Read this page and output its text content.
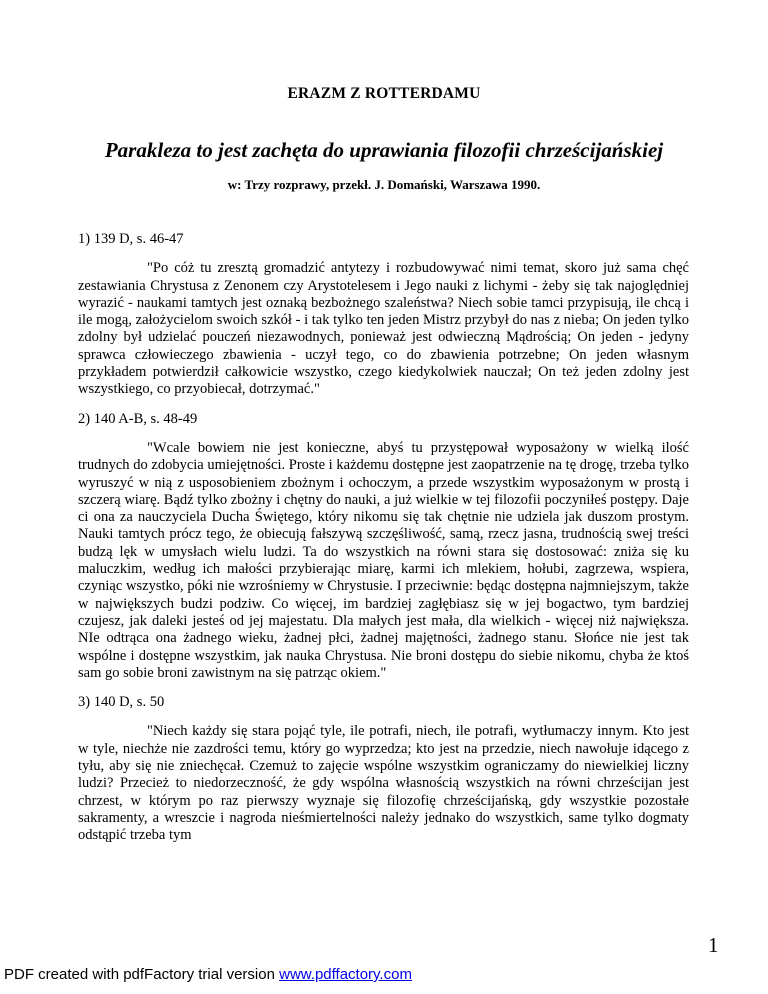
ERAZM Z ROTTERDAMU
Parakleza to jest zachęta do uprawiania filozofii chrześcijańskiej
w: Trzy rozprawy, przekł. J. Domański, Warszawa 1990.

1) 139 D, s. 46-47

"Po cóż tu zresztą gromadzić antytezy i rozbudowywać nimi temat, skoro już sama chęć zestawiania Chrystusa z Zenonem czy Arystotelesem i Jego nauki z lichymi - żeby się tak najoględniej wyrazić - naukami tamtych jest oznaką bezbożnego szaleństwa? Niech sobie tamci przypisują, ile chcą i ile mogą, założycielom swoich szkół - i tak tylko ten jeden Mistrz przybył do nas z nieba; On jeden tylko zdolny był udzielać pouczeń niezawodnych, ponieważ jest odwieczną Mądrością; On jeden - jedyny sprawca człowieczego zbawienia - uczył tego, co do zbawienia potrzebne; On jeden własnym przykładem potwierdził całkowicie wszystko, czego kiedykolwiek nauczał; On też jeden zdolny jest wszystkiego, co przyobiecał, dotrzymać."

2) 140 A-B, s. 48-49

"Wcale bowiem nie jest konieczne, abyś tu przystępował wyposażony w wielką ilość trudnych do zdobycia umiejętności. Proste i każdemu dostępne jest zaopatrzenie na tę drogę, trzeba tylko wyruszyć w nią z usposobieniem zbożnym i ochoczym, a przede wszystkim wyposażonym w prostą i szczerą wiarę. Bądź tylko zbożny i chętny do nauki, a już wielkie w tej filozofii poczyniłeś postępy. Daje ci ona za nauczyciela Ducha Świętego, który nikomu się tak chętnie nie udziela jak duszom prostym. Nauki tamtych prócz tego, że obiecują fałszywą szczęśliwość, samą, rzecz jasna, trudnością swej treści budzą lęk w umysłach wielu ludzi. Ta do wszystkich na równi stara się dostosować: zniża się ku maluczkim, według ich małości przybierając miarę, karmi ich mlekiem, hołubi, zagrzewa, wspiera, czyniąc wszystko, póki nie wzrośniemy w Chrystusie. I przeciwnie: będąc dostępna najmniejszym, także w największych budzi podziw. Co więcej, im bardziej zagłębiasz się w jej bogactwo, tym bardziej czujesz, jak daleki jesteś od jej majestatu. Dla małych jest mała, dla wielkich - więcej niż największa. NIe odtrąca ona żadnego wieku, żadnej płci, żadnej majętności, żadnego stanu. Słońce nie jest tak wspólne i dostępne wszystkim, jak nauka Chrystusa. Nie broni dostępu do siebie nikomu, chyba że ktoś sam go sobie broni zawistnym na się patrząc okiem."

3) 140 D, s. 50

"Niech każdy się stara pojąć tyle, ile potrafi, niech, ile potrafi, wytłumaczy innym. Kto jest w tyle, niechże nie zazdrości temu, który go wyprzedza; kto jest na przedzie, niech nawołuje idącego z tyłu, aby się nie zniechęcał. Czemuż to zajęcie wspólne wszystkim ograniczamy do niewielkiej liczny ludzi? Przecież to niedorzeczność, że gdy wspólna własnością wszystkich na równi chrześcijan jest chrzest, w którym po raz pierwszy wyznaje się filozofię chrześcijańską, gdy wszystkie pozostałe sakramenty, a wreszcie i nagroda nieśmiertelności należy jednako do wszystkich, same tylko dogmaty odstąpić trzeba tym

1
PDF created with pdfFactory trial version www.pdffactory.com
